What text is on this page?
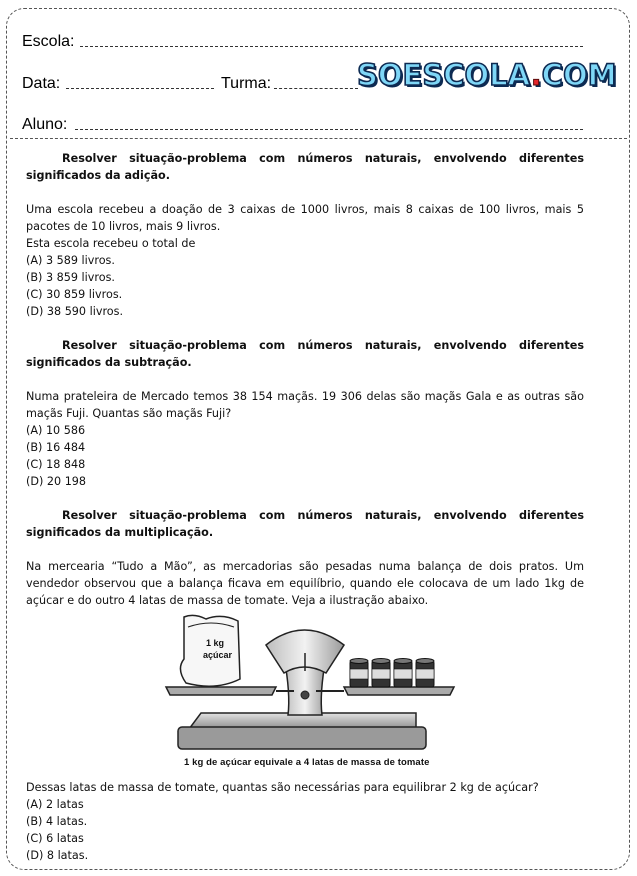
Escola:
Data:	Turma:	SOESCOLA.COM
Aluno:

Resolver situação-problema com números naturais, envolvendo diferentes significados da adição.

Uma escola recebeu a doação de 3 caixas de 1000 livros, mais 8 caixas de 100 livros, mais 5 pacotes de 10 livros, mais 9 livros.

Esta escola recebeu o total de

(A) 3 589 livros.

(B) 3 859 livros.

(C) 30 859 livros.

(D) 38 590 livros.

Resolver situação-problema com números naturais, envolvendo diferentes significados da subtração.

Numa prateleira de Mercado temos 38 154 maçãs. 19 306 delas são maçãs Gala e as outras são maçãs Fuji. Quantas são maçãs Fuji?

(A) 10 586

(B) 16 484

(C) 18 848

(D) 20 198

Resolver situação-problema com números naturais, envolvendo diferentes significados da multiplicação.

Na mercearia “Tudo a Mão”, as mercadorias são pesadas numa balança de dois pratos. Um vendedor observou que a balança ficava em equilíbrio, quando ele colocava de um lado 1kg de açúcar e do outro 4 latas de massa de tomate. Veja a ilustração abaixo.

1 kg
açúcar
1 kg de açúcar equivale a 4 latas de massa de tomate

Dessas latas de massa de tomate, quantas são necessárias para equilibrar 2 kg de açúcar?

(A) 2 latas

(B) 4 latas.

(C) 6 latas

(D) 8 latas.
